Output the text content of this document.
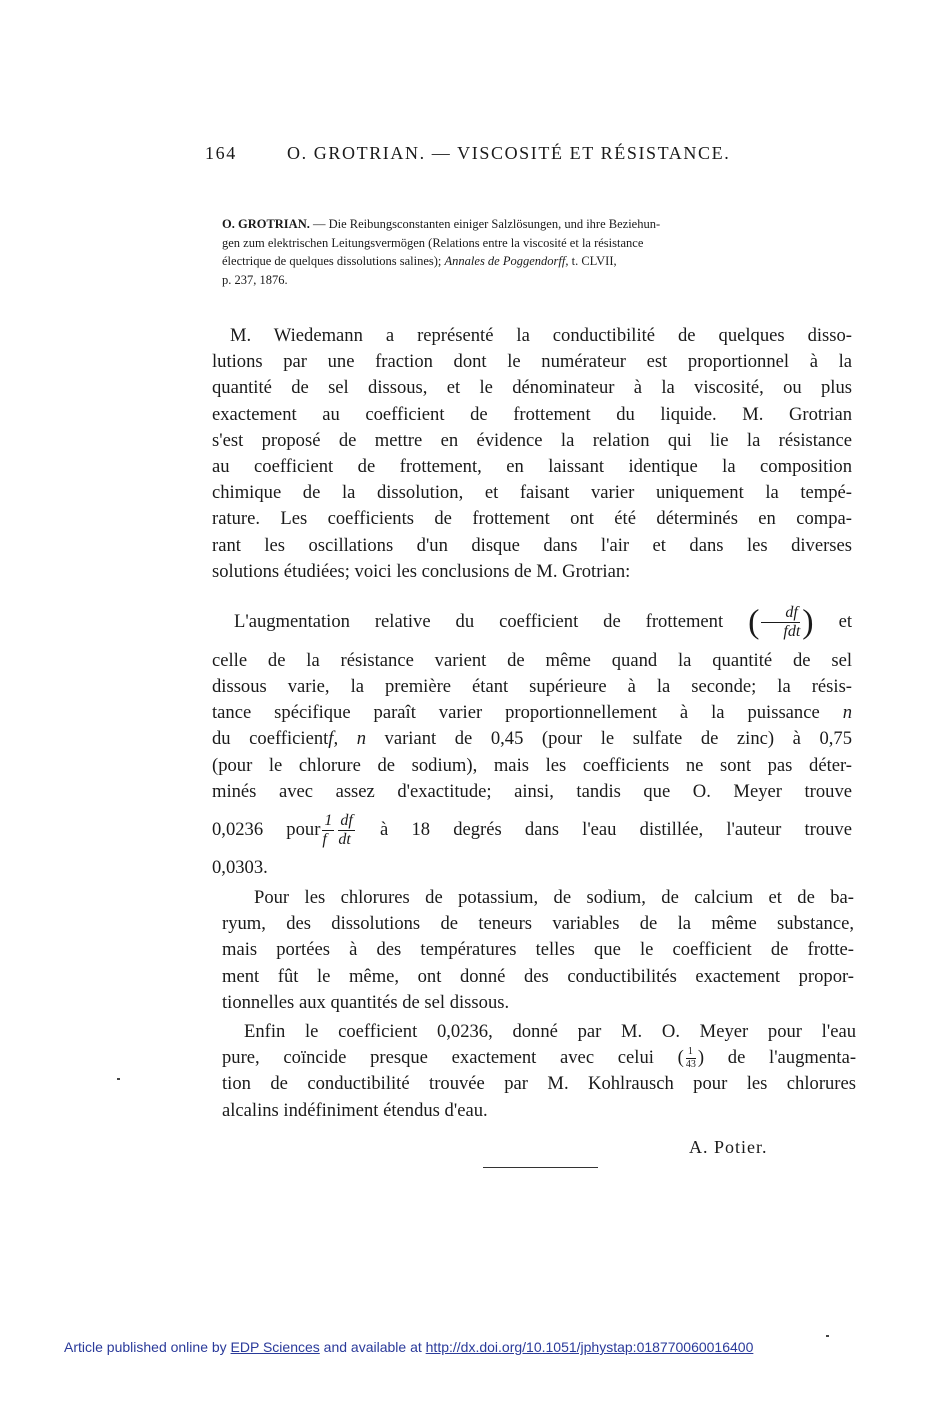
164	O. GROTRIAN. — VISCOSITÉ ET RÉSISTANCE.
O. GROTRIAN. — Die Reibungsconstanten einiger Salzlösungen, und ihre Beziehun-
gen zum elektrischen Leitungsvermögen (Relations entre la viscosité et la résistance
électrique de quelques dissolutions salines); Annales de Poggendorff, t. CLVII,
p. 237, 1876.
M. Wiedemann a représenté la conductibilité de quelques disso-
lutions par une fraction dont le numérateur est proportionnel à la
quantité de sel dissous, et le dénominateur à la viscosité, ou plus
exactement au coefficient de frottement du liquide. M. Grotrian
s'est proposé de mettre en évidence la relation qui lie la résistance
au coefficient de frottement, en laissant identique la composition
chimique de la dissolution, et faisant varier uniquement la tempé-
rature. Les coefficients de frottement ont été déterminés en compa-
rant les oscillations d'un disque dans l'air et dans les diverses
solutions étudiées; voici les conclusions de M. Grotrian:
L'augmentation relative du coefficient de frottement ( $\frac{df}{\text{fdt}}$ ) et
celle de la résistance varient de même quand la quantité de sel
dissous varie, la première étant supérieure à la seconde; la résis-
tance spécifique paraît varier proportionnellement à la puissance n
du coefficientf, n variant de 0,45 (pour le sulfate de zinc) à 0,75
(pour le chlorure de sodium), mais les coefficients ne sont pas déter-
minés avec assez d'exactitude; ainsi, tandis que O. Meyer trouve
0,0236 pour $\frac{1}{f} \frac{df}{dt}$ à 18 degrés dans l'eau distillée, l'auteur trouve
0,0303.
Pour les chlorures de potassium, de sodium, de calcium et de ba-
ryum, des dissolutions de teneurs variables de la même substance,
mais portées à des températures telles que le coefficient de frotte-
ment fût le même, ont donné des conductibilités exactement propor-
tionnelles aux quantités de sel dissous.
Enfin le coefficient 0,0236, donné par M. O. Meyer pour l'eau
pure, coïncide presque exactement avec celui ( $\frac{1}{43}$ ) de l'augmenta-
tion de conductibilité trouvée par M. Kohlrausch pour les chlorures
alcalins indéfiniment étendus d'eau.
A. Potier.
Article published online by EDP Sciences and available at http://dx.doi.org/10.1051/jphystap:018770060016400
